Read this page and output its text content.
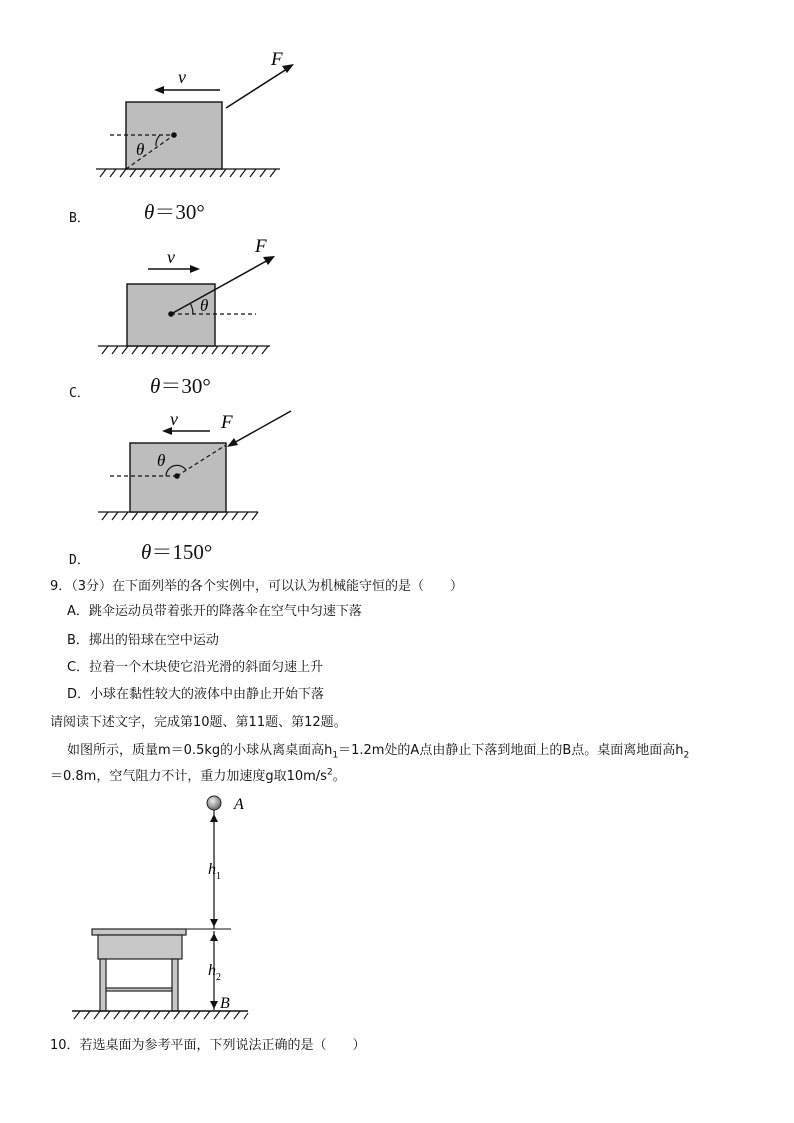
v
F
θ
B．	θ＝30°
v	F
θ
C．	θ＝30°
v F
θ
D． θ＝150°
9．（3分）在下面列举的各个实例中，可以认为机械能守恒的是（　　）
A．跳伞运动员带着张开的降落伞在空气中匀速下落
B．掷出的铅球在空中运动
C．拉着一个木块使它沿光滑的斜面匀速上升
D．小球在黏性较大的液体中由静止开始下落
请阅读下述文字，完成第10题、第11题、第12题。
如图所示，质量m＝0.5kg的小球从离桌面高$h_1=1.2m$处的A点由静止下落到地面上的B点。桌面离地面高$h_2$
＝0.8m，空气阻力不计，重力加速度g取$10m/s^2$。
A
$h_1$
$h_2$
B
10．若选桌面为参考平面，下列说法正确的是（　　）
